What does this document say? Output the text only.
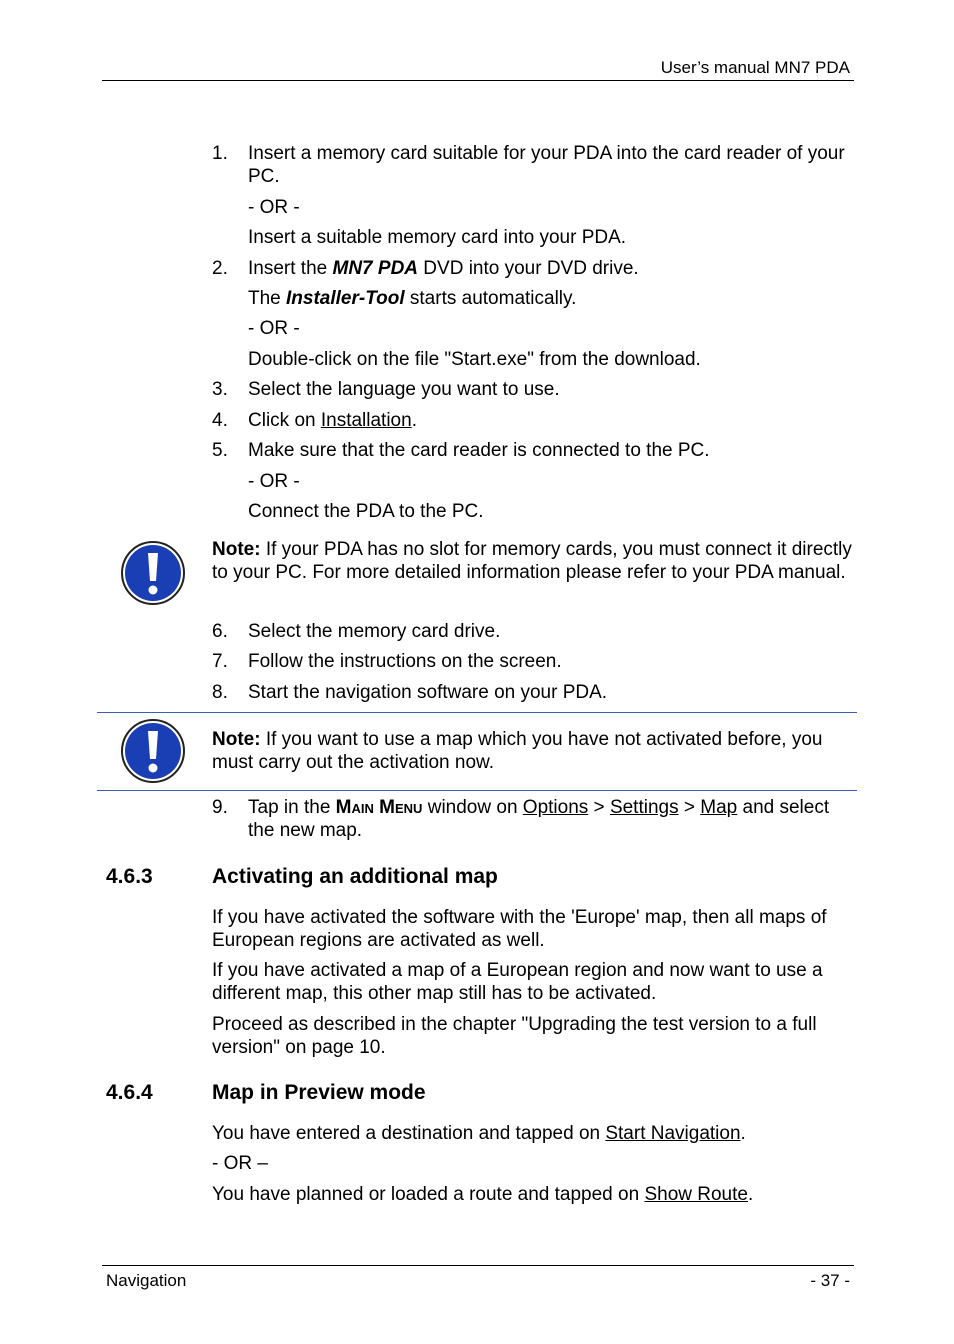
User’s manual MN7 PDA
1. Insert a memory card suitable for your PDA into the card reader of your PC.
- OR -
Insert a suitable memory card into your PDA.
2. Insert the MN7 PDA DVD into your DVD drive.
The Installer-Tool starts automatically.
- OR -
Double-click on the file "Start.exe" from the download.
3. Select the language you want to use.
4. Click on Installation.
5. Make sure that the card reader is connected to the PC.
- OR -
Connect the PDA to the PC.
Note: If your PDA has no slot for memory cards, you must connect it directly to your PC. For more detailed information please refer to your PDA manual.
6. Select the memory card drive.
7. Follow the instructions on the screen.
8. Start the navigation software on your PDA.
Note: If you want to use a map which you have not activated before, you must carry out the activation now.
9. Tap in the Main Menu window on Options > Settings > Map and select the new map.
4.6.3	Activating an additional map
If you have activated the software with the 'Europe' map, then all maps of European regions are activated as well.
If you have activated a map of a European region and now want to use a different map, this other map still has to be activated.
Proceed as described in the chapter "Upgrading the test version to a full version" on page 10.
4.6.4	Map in Preview mode
You have entered a destination and tapped on Start Navigation.
- OR –
You have planned or loaded a route and tapped on Show Route.
Navigation	- 37 -
